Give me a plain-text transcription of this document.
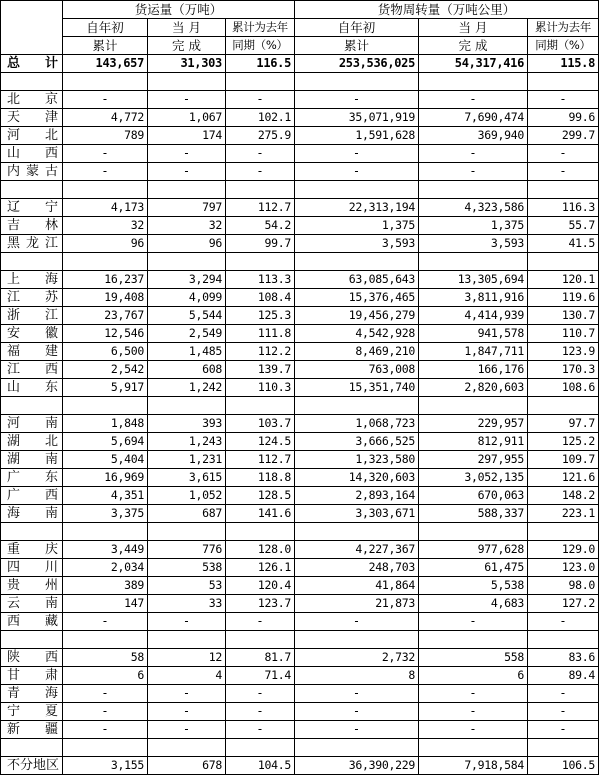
	货运量（万吨）			货物周转量（万吨公里）		
	自年初	当 月	累计为去年	自年初	当 月	累计为去年
	累计	完 成	同期（%）	累计	完 成	同期（%）
总 计	143,657	31,303	116.5	253,536,025	54,317,416	115.8

北 京	-	-	-	-	-	-
天 津	4,772	1,067	102.1	35,071,919	7,690,474	99.6
河 北	789	174	275.9	1,591,628	369,940	299.7
山 西	-	-	-	-	-	-
内蒙古	-	-	-	-	-	-

辽 宁	4,173	797	112.7	22,313,194	4,323,586	116.3
吉 林	32	32	54.2	1,375	1,375	55.7
黑龙江	96	96	99.7	3,593	3,593	41.5

上 海	16,237	3,294	113.3	63,085,643	13,305,694	120.1
江 苏	19,408	4,099	108.4	15,376,465	3,811,916	119.6
浙 江	23,767	5,544	125.3	19,456,279	4,414,939	130.7
安 徽	12,546	2,549	111.8	4,542,928	941,578	110.7
福 建	6,500	1,485	112.2	8,469,210	1,847,711	123.9
江 西	2,542	608	139.7	763,008	166,176	170.3
山 东	5,917	1,242	110.3	15,351,740	2,820,603	108.6

河 南	1,848	393	103.7	1,068,723	229,957	97.7
湖 北	5,694	1,243	124.5	3,666,525	812,911	125.2
湖 南	5,404	1,231	112.7	1,323,580	297,955	109.7
广 东	16,969	3,615	118.8	14,320,603	3,052,135	121.6
广 西	4,351	1,052	128.5	2,893,164	670,063	148.2
海 南	3,375	687	141.6	3,303,671	588,337	223.1

重 庆	3,449	776	128.0	4,227,367	977,628	129.0
四 川	2,034	538	126.1	248,703	61,475	123.0
贵 州	389	53	120.4	41,864	5,538	98.0
云 南	147	33	123.7	21,873	4,683	127.2
西 藏	-	-	-	-	-	-

陕 西	58	12	81.7	2,732	558	83.6
甘 肃	6	4	71.4	8	6	89.4
青 海	-	-	-	-	-	-
宁 夏	-	-	-	-	-	-
新 疆	-	-	-	-	-	-

不分地区	3,155	678	104.5	36,390,229	7,918,584	106.5
